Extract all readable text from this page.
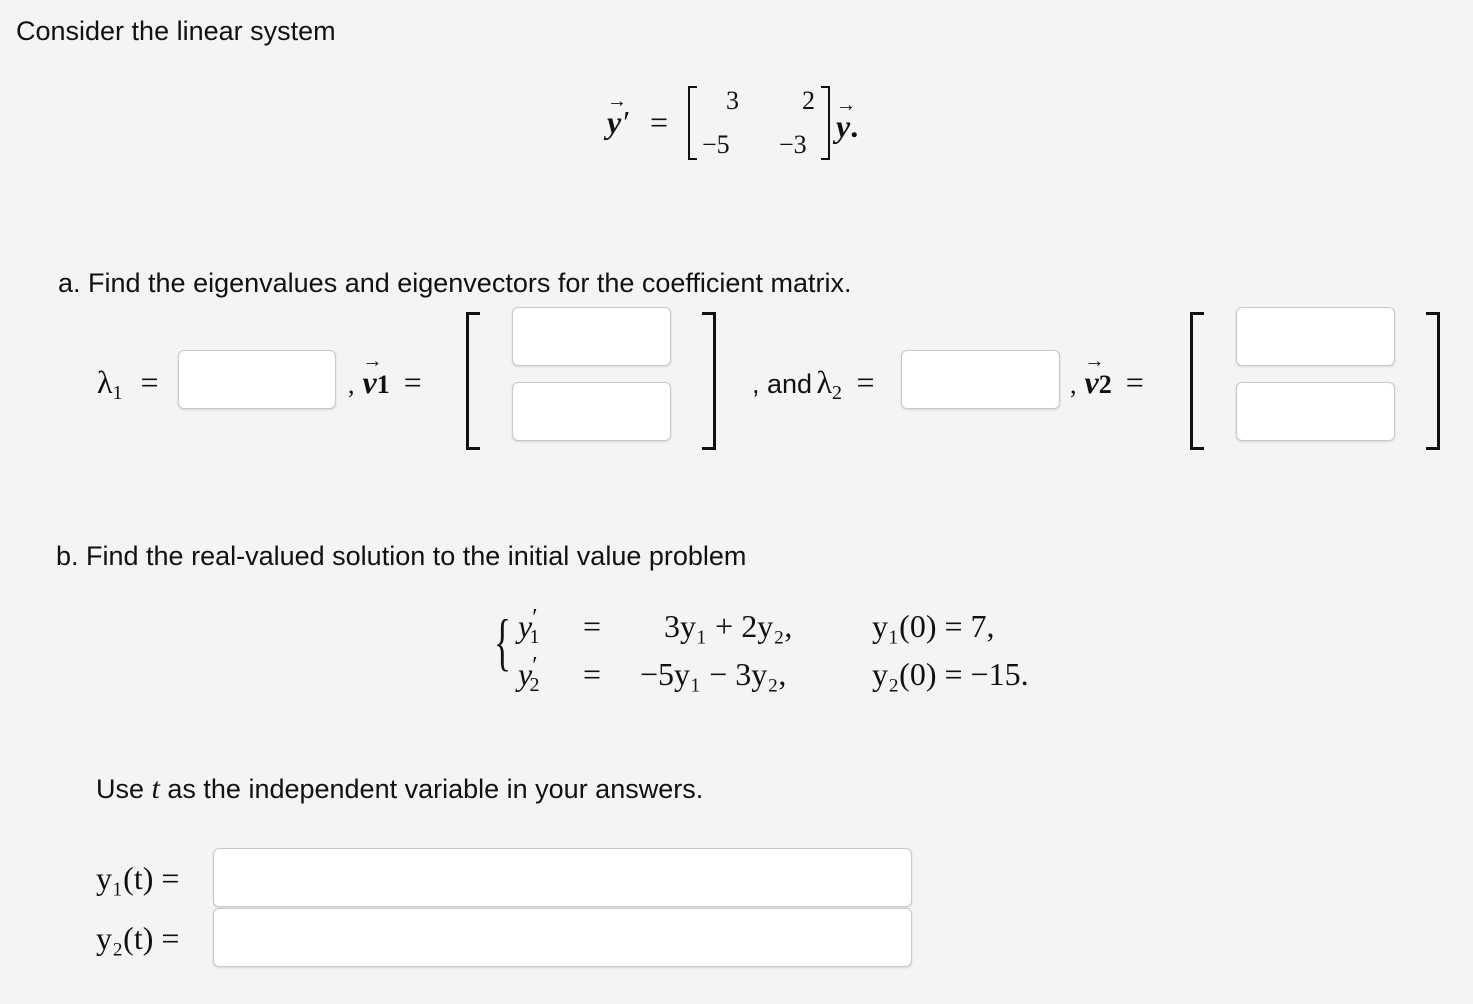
Consider the linear system
→
y′ =
3 2
−5 −3
→
y.
a. Find the eigenvalues and eigenvectors for the coefficient matrix.
$\lambda_1$ =	,
→
v1 =	, and $\lambda_2$ =	,
→
v2 =
b. Find the real-valued solution to the initial value problem
{ $y'_1 = 3y_1 + 2y_2$, y₁(0) = 7,
$y'_2 = -5y_1 - 3y_2$,	y₂(0) = −15.
Use t as the independent variable in your answers.
y₁(t) =
y₂(t) =
